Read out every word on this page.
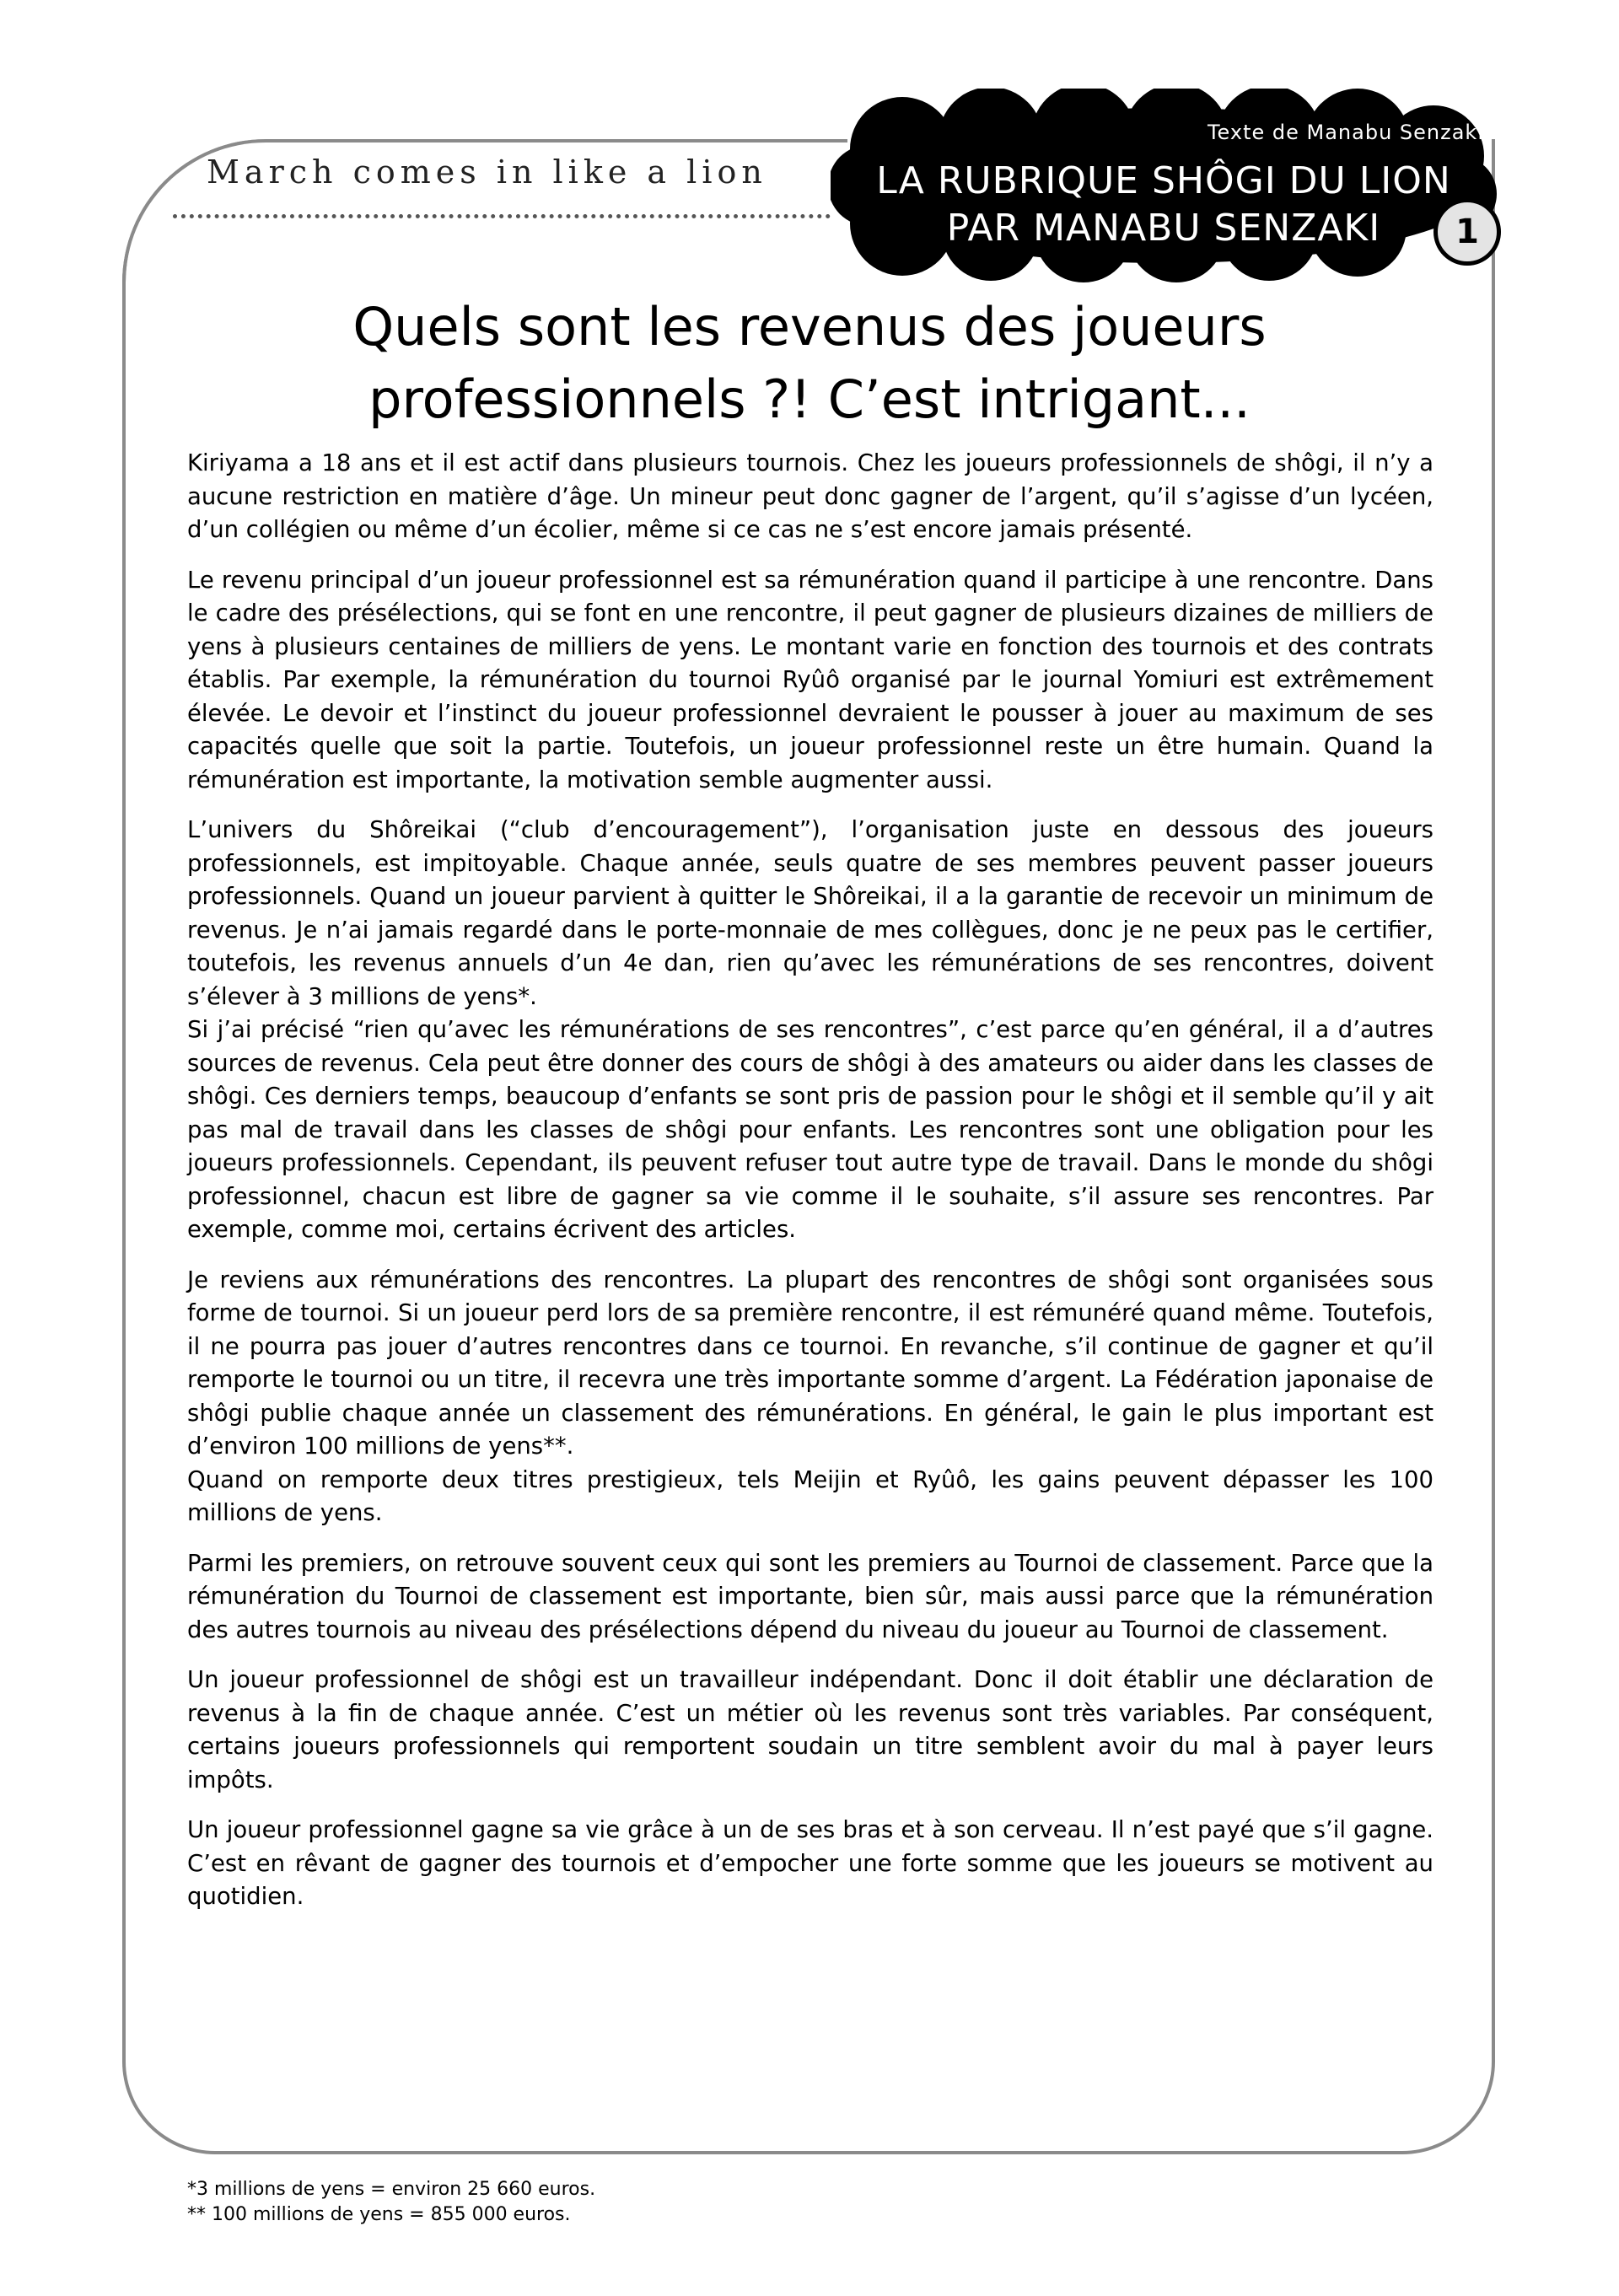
March comes in like a lion
Texte de Manabu Senzaki
LA RUBRIQUE SHÔGI DU LION
PAR MANABU SENZAKI	1
Quels sont les revenus des joueurs
professionnels ?! C’est intrigant...

Kiriyama a 18 ans et il est actif dans plusieurs tournois. Chez les joueurs professionnels de shôgi, il n’y a aucune restriction en matière d’âge. Un mineur peut donc gagner de l’argent, qu’il s’agisse d’un lycéen, d’un collégien ou même d’un écolier, même si ce cas ne s’est encore jamais présenté.

Le revenu principal d’un joueur professionnel est sa rémunération quand il participe à une rencontre. Dans le cadre des présélections, qui se font en une rencontre, il peut gagner de plusieurs dizaines de milliers de yens à plusieurs centaines de milliers de yens. Le montant varie en fonction des tournois et des contrats établis. Par exemple, la rémunération du tournoi Ryûô organisé par le journal Yomiuri est extrêmement élevée. Le devoir et l’instinct du joueur professionnel devraient le pousser à jouer au maximum de ses capacités quelle que soit la partie. Toutefois, un joueur professionnel reste un être humain. Quand la rémunération est importante, la motivation semble augmenter aussi.

L’univers du Shôreikai (“club d’encouragement”), l’organisation juste en dessous des joueurs professionnels, est impitoyable. Chaque année, seuls quatre de ses membres peuvent passer joueurs professionnels. Quand un joueur parvient à quitter le Shôreikai, il a la garantie de recevoir un minimum de revenus. Je n’ai jamais regardé dans le porte-monnaie de mes collègues, donc je ne peux pas le certifier, toutefois, les revenus annuels d’un 4e dan, rien qu’avec les rémunérations de ses rencontres, doivent s’élever à 3 millions de yens*.

Si j’ai précisé “rien qu’avec les rémunérations de ses rencontres”, c’est parce qu’en général, il a d’autres sources de revenus. Cela peut être donner des cours de shôgi à des amateurs ou aider dans les classes de shôgi. Ces derniers temps, beaucoup d’enfants se sont pris de passion pour le shôgi et il semble qu’il y ait pas mal de travail dans les classes de shôgi pour enfants. Les rencontres sont une obligation pour les joueurs professionnels. Cependant, ils peuvent refuser tout autre type de travail. Dans le monde du shôgi professionnel, chacun est libre de gagner sa vie comme il le souhaite, s’il assure ses rencontres. Par exemple, comme moi, certains écrivent des articles.

Je reviens aux rémunérations des rencontres. La plupart des rencontres de shôgi sont organisées sous forme de tournoi. Si un joueur perd lors de sa première rencontre, il est rémunéré quand même. Toutefois, il ne pourra pas jouer d’autres rencontres dans ce tournoi. En revanche, s’il continue de gagner et qu’il remporte le tournoi ou un titre, il recevra une très importante somme d’argent. La Fédération japonaise de shôgi publie chaque année un classement des rémunérations. En général, le gain le plus important est d’environ 100 millions de yens**.

Quand on remporte deux titres prestigieux, tels Meijin et Ryûô, les gains peuvent dépasser les 100 millions de yens.

Parmi les premiers, on retrouve souvent ceux qui sont les premiers au Tournoi de classement. Parce que la rémunération du Tournoi de classement est importante, bien sûr, mais aussi parce que la rémunération des autres tournois au niveau des présélections dépend du niveau du joueur au Tournoi de classement.

Un joueur professionnel de shôgi est un travailleur indépendant. Donc il doit établir une déclaration de revenus à la fin de chaque année. C’est un métier où les revenus sont très variables. Par conséquent, certains joueurs professionnels qui remportent soudain un titre semblent avoir du mal à payer leurs impôts.

Un joueur professionnel gagne sa vie grâce à un de ses bras et à son cerveau. Il n’est payé que s’il gagne. C’est en rêvant de gagner des tournois et d’empocher une forte somme que les joueurs se motivent au quotidien.

*3 millions de yens = environ 25 660 euros.
** 100 millions de yens = 855 000 euros.
